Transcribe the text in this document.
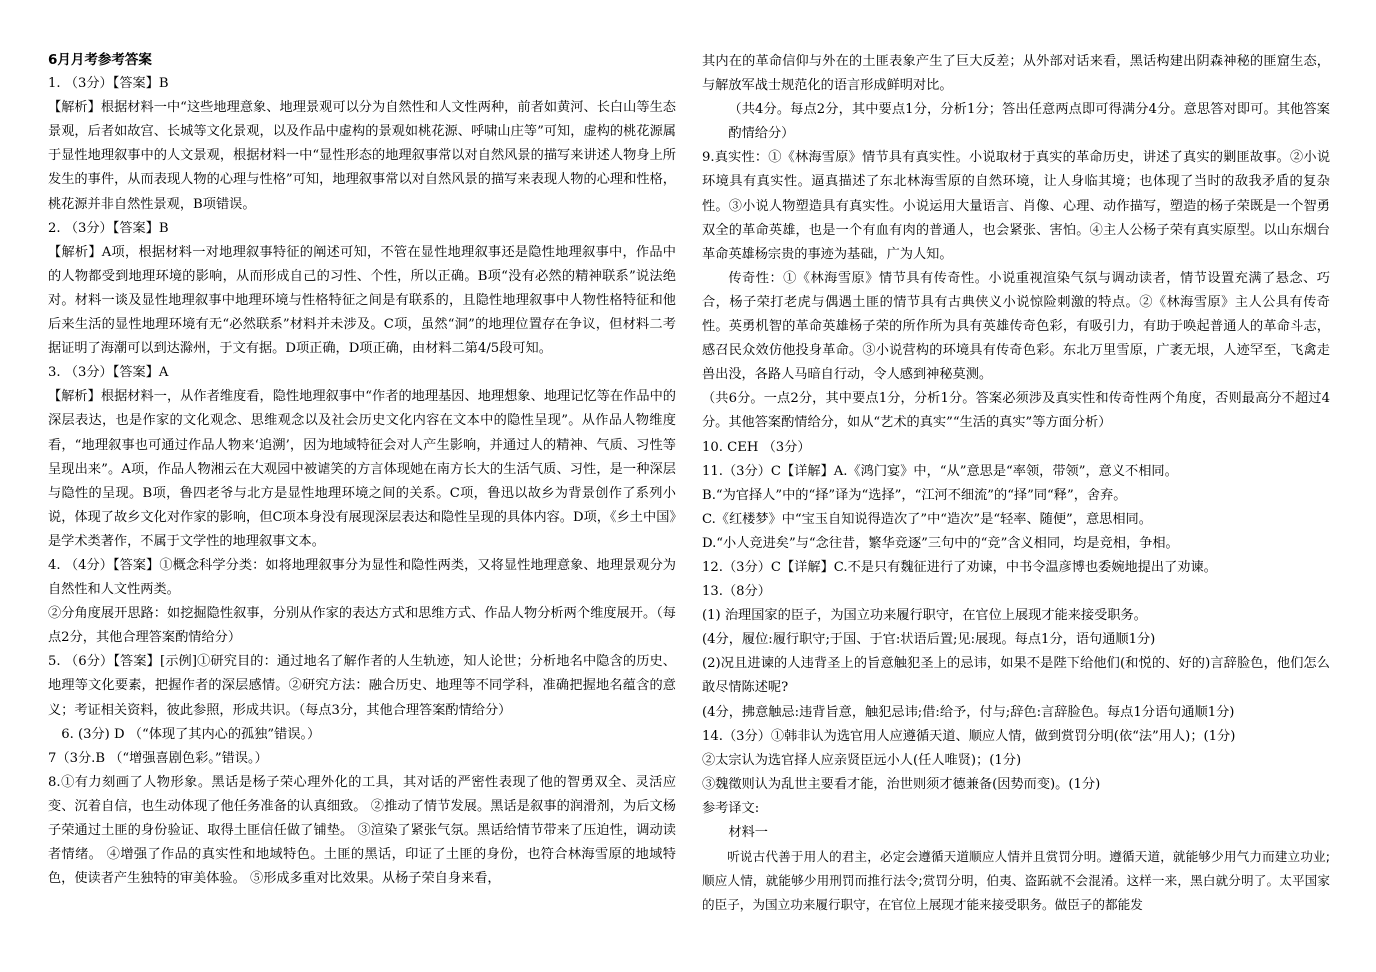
6月月考参考答案

1. （3分）【答案】B

【解析】根据材料一中“这些地理意象、地理景观可以分为自然性和人文性两种，前者如黄河、长白山等生态景观，后者如故宫、长城等文化景观，以及作品中虚构的景观如桃花源、呼啸山庄等”可知，虚构的桃花源属于显性地理叙事中的人文景观，根据材料一中“显性形态的地理叙事常以对自然风景的描写来讲述人物身上所发生的事件，从而表现人物的心理与性格”可知，地理叙事常以对自然风景的描写来表现人物的心理和性格，桃花源并非自然性景观，B项错误。

2. （3分）【答案】B

【解析】A项，根据材料一对地理叙事特征的阐述可知，不管在显性地理叙事还是隐性地理叙事中，作品中的人物都受到地理环境的影响，从而形成自己的习性、个性，所以正确。B项“没有必然的精神联系”说法绝对。材料一谈及显性地理叙事中地理环境与性格特征之间是有联系的，且隐性地理叙事中人物性格特征和他后来生活的显性地理环境有无“必然联系”材料并未涉及。C项，虽然“洞”的地理位置存在争议，但材料二考据证明了海潮可以到达滁州，于文有据。D项正确，D项正确，由材料二第4/5段可知。

3. （3分）【答案】A

【解析】根据材料一，从作者维度看，隐性地理叙事中“作者的地理基因、地理想象、地理记忆等在作品中的深层表达，也是作家的文化观念、思维观念以及社会历史文化内容在文本中的隐性呈现”。从作品人物维度看，“地理叙事也可通过作品人物来‘追溯’，因为地域特征会对人产生影响，并通过人的精神、气质、习性等呈现出来”。A项，作品人物湘云在大观园中被谑笑的方言体现她在南方长大的生活气质、习性，是一种深层与隐性的呈现。B项，鲁四老爷与北方是显性地理环境之间的关系。C项，鲁迅以故乡为背景创作了系列小说，体现了故乡文化对作家的影响，但C项本身没有展现深层表达和隐性呈现的具体内容。D项，《乡土中国》是学术类著作，不属于文学性的地理叙事文本。

4. （4分）【答案】①概念科学分类：如将地理叙事分为显性和隐性两类，又将显性地理意象、地理景观分为自然性和人文性两类。

②分角度展开思路：如挖掘隐性叙事，分别从作家的表达方式和思维方式、作品人物分析两个维度展开。（每点2分，其他合理答案酌情给分）

5. （6分）【答案】[示例]①研究目的：通过地名了解作者的人生轨迹，知人论世；分析地名中隐含的历史、地理等文化要素，把握作者的深层感情。②研究方法：融合历史、地理等不同学科，准确把握地名蕴含的意义；考证相关资料，彼此参照，形成共识。（每点3分，其他合理答案酌情给分）

6. (3分) D （“体现了其内心的孤独”错误。）

7（3分.B （“增强喜剧色彩。”错误。）

8.①有力刻画了人物形象。黑话是杨子荣心理外化的工具，其对话的严密性表现了他的智勇双全、灵活应变、沉着自信，也生动体现了他任务准备的认真细致。 ②推动了情节发展。黑话是叙事的润滑剂，为后文杨子荣通过土匪的身份验证、取得土匪信任做了铺垫。 ③渲染了紧张气氛。黑话给情节带来了压迫性，调动读者情绪。 ④增强了作品的真实性和地域特色。土匪的黑话，印证了土匪的身份，也符合林海雪原的地域特色，使读者产生独特的审美体验。 ⑤形成多重对比效果。从杨子荣自身来看，

其内在的革命信仰与外在的土匪表象产生了巨大反差；从外部对话来看，黑话构建出阴森神秘的匪窟生态，与解放军战士规范化的语言形成鲜明对比。

（共4分。每点2分，其中要点1分，分析1分；答出任意两点即可得满分4分。意思答对即可。其他答案酌情给分）

9.真实性：①《林海雪原》情节具有真实性。小说取材于真实的革命历史，讲述了真实的剿匪故事。②小说环境具有真实性。逼真描述了东北林海雪原的自然环境，让人身临其境；也体现了当时的敌我矛盾的复杂性。③小说人物塑造具有真实性。小说运用大量语言、肖像、心理、动作描写，塑造的杨子荣既是一个智勇双全的革命英雄，也是一个有血有肉的普通人，也会紧张、害怕。④主人公杨子荣有真实原型。以山东烟台革命英雄杨宗贵的事迹为基础，广为人知。

传奇性：①《林海雪原》情节具有传奇性。小说重视渲染气氛与调动读者，情节设置充满了悬念、巧合，杨子荣打老虎与偶遇土匪的情节具有古典侠义小说惊险刺激的特点。②《林海雪原》主人公具有传奇性。英勇机智的革命英雄杨子荣的所作所为具有英雄传奇色彩，有吸引力，有助于唤起普通人的革命斗志，感召民众效仿他投身革命。③小说营构的环境具有传奇色彩。东北万里雪原，广袤无垠，人迹罕至，飞禽走兽出没，各路人马暗自行动，令人感到神秘莫测。

（共6分。一点2分，其中要点1分，分析1分。答案必须涉及真实性和传奇性两个角度，否则最高分不超过4分。其他答案酌情给分，如从“艺术的真实”“生活的真实”等方面分析）

10. CEH （3分）

11.（3分）C【详解】A.《鸿门宴》中，“从”意思是“率领，带领”，意义不相同。

B.“为官择人”中的“择”译为“选择”，“江河不细流”的“择”同“释”，舍弃。

C.《红楼梦》中“宝玉自知说得造次了”中“造次”是“轻率、随便”，意思相同。

D.“小人竞进矣”与“念往昔，繁华竞逐”三句中的“竞”含义相同，均是竞相，争相。

12.（3分）C【详解】C.不是只有魏征进行了劝谏，中书令温彦博也委婉地提出了劝谏。

13.（8分）

(1) 治理国家的臣子，为国立功来履行职守，在官位上展现才能来接受职务。

(4分，履位:履行职守;于国、于官:状语后置;见:展现。每点1分，语句通顺1分)

(2)况且进谏的人违背圣上的旨意触犯圣上的忌讳，如果不是陛下给他们(和悦的、好的)言辞脸色，他们怎么敢尽情陈述呢?

(4分，拂意触忌:违背旨意，触犯忌讳;借:给予，付与;辞色:言辞脸色。每点1分语句通顺1分)

14.（3分）①韩非认为选官用人应遵循天道、顺应人情，做到赏罚分明(依“法”用人)；(1分)

②太宗认为选官择人应亲贤臣远小人(任人唯贤)；(1分)

③魏徵则认为乱世主要看才能，治世则须才德兼备(因势而变)。(1分)

参考译文:

材料一

听说古代善于用人的君主，必定会遵循天道顺应人情并且赏罚分明。遵循天道，就能够少用气力而建立功业;顺应人情，就能够少用刑罚而推行法令;赏罚分明，伯夷、盗跖就不会混淆。这样一来，黑白就分明了。太平国家的臣子，为国立功来履行职守，在官位上展现才能来接受职务。做臣子的都能发
